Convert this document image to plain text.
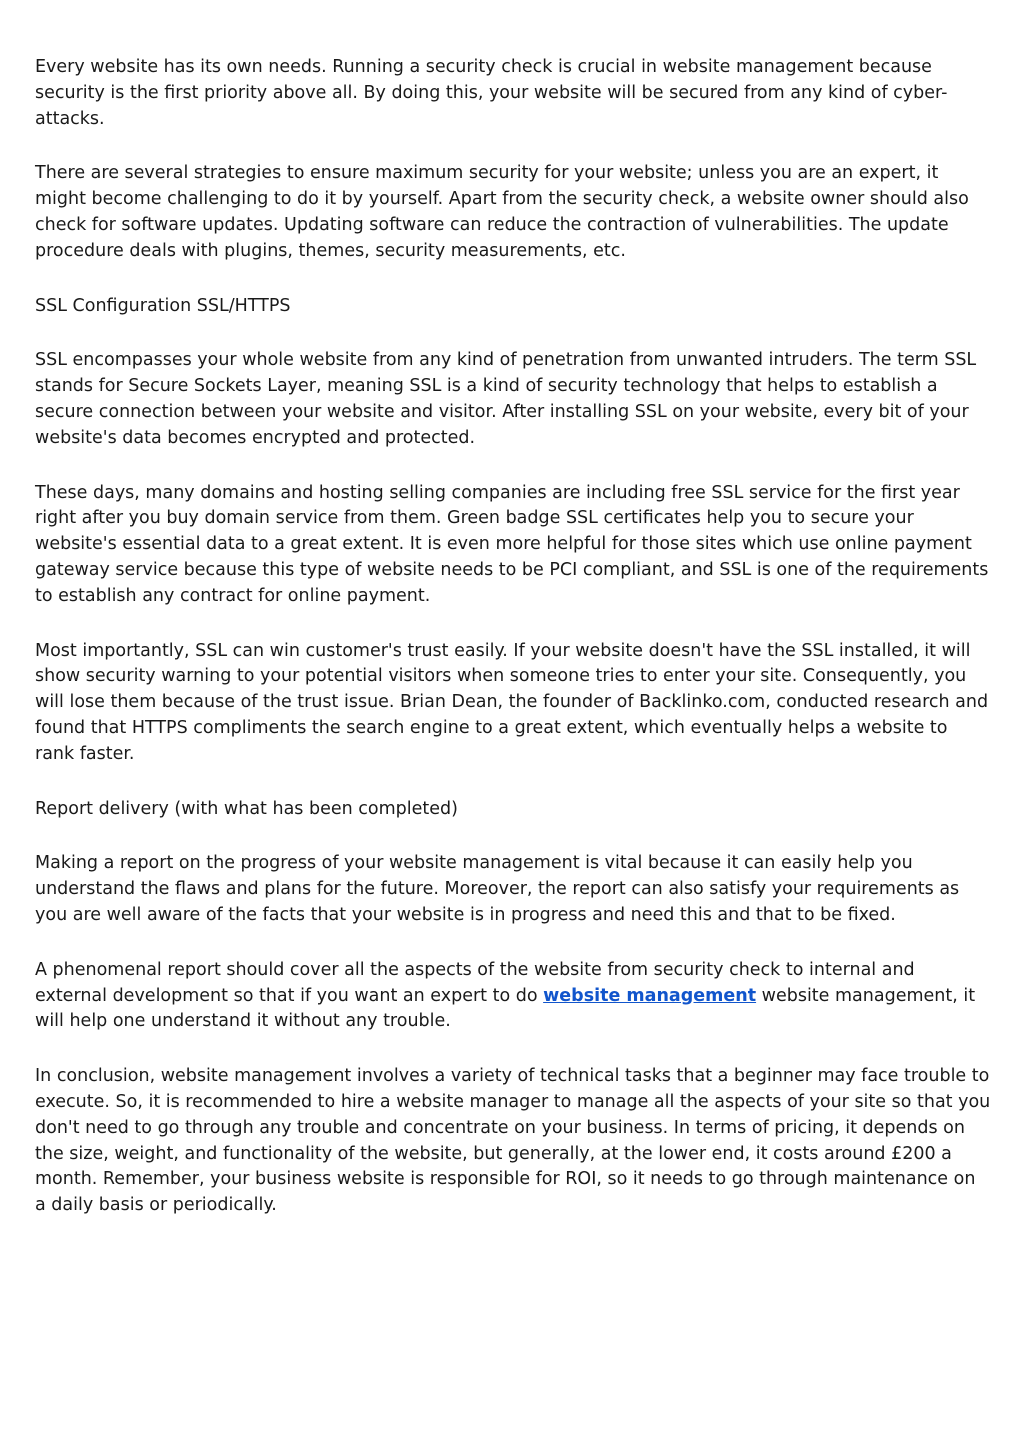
Every website has its own needs. Running a security check is crucial in website management because security is the first priority above all. By doing this, your website will be secured from any kind of cyber-attacks.

There are several strategies to ensure maximum security for your website; unless you are an expert, it might become challenging to do it by yourself. Apart from the security check, a website owner should also check for software updates. Updating software can reduce the contraction of vulnerabilities. The update procedure deals with plugins, themes, security measurements, etc.

SSL Configuration SSL/HTTPS

SSL encompasses your whole website from any kind of penetration from unwanted intruders. The term SSL stands for Secure Sockets Layer, meaning SSL is a kind of security technology that helps to establish a secure connection between your website and visitor. After installing SSL on your website, every bit of your website's data becomes encrypted and protected.

These days, many domains and hosting selling companies are including free SSL service for the first year right after you buy domain service from them. Green badge SSL certificates help you to secure your website's essential data to a great extent. It is even more helpful for those sites which use online payment gateway service because this type of website needs to be PCI compliant, and SSL is one of the requirements to establish any contract for online payment.

Most importantly, SSL can win customer's trust easily. If your website doesn't have the SSL installed, it will show security warning to your potential visitors when someone tries to enter your site. Consequently, you will lose them because of the trust issue. Brian Dean, the founder of Backlinko.com, conducted research and found that HTTPS compliments the search engine to a great extent, which eventually helps a website to rank faster.

Report delivery (with what has been completed)

Making a report on the progress of your website management is vital because it can easily help you understand the flaws and plans for the future. Moreover, the report can also satisfy your requirements as you are well aware of the facts that your website is in progress and need this and that to be fixed.

A phenomenal report should cover all the aspects of the website from security check to internal and external development so that if you want an expert to do website management website management, it will help one understand it without any trouble.

In conclusion, website management involves a variety of technical tasks that a beginner may face trouble to execute. So, it is recommended to hire a website manager to manage all the aspects of your site so that you don't need to go through any trouble and concentrate on your business. In terms of pricing, it depends on the size, weight, and functionality of the website, but generally, at the lower end, it costs around £200 a month. Remember, your business website is responsible for ROI, so it needs to go through maintenance on a daily basis or periodically.
